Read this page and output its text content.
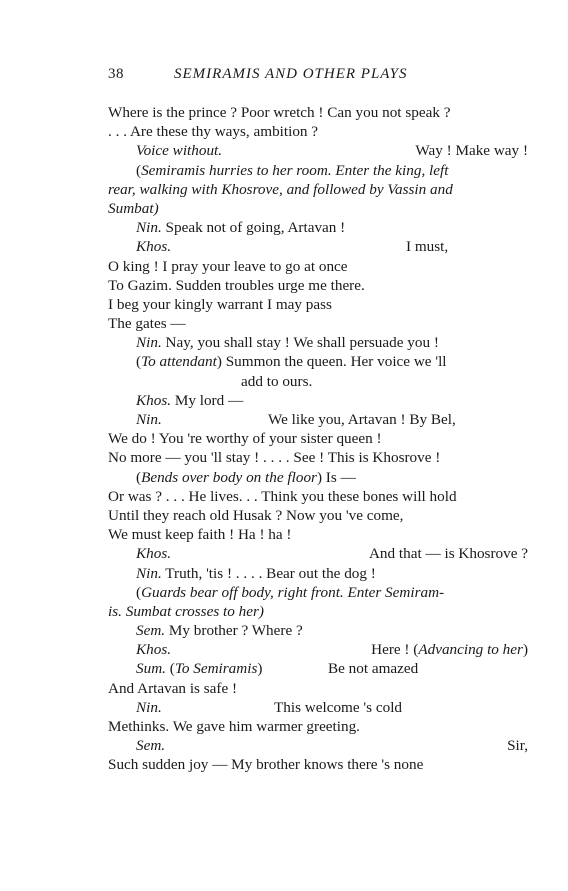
38	SEMIRAMIS AND OTHER PLAYS
Where is the prince ? Poor wretch ! Can you not speak ?
. . . Are these thy ways, ambition ?
Voice without.	Way ! Make way !
(Semiramis hurries to her room. Enter the king, left
rear, walking with Khosrove, and followed by Vassin and
Sumbat)
Nin. Speak not of going, Artavan !
Khos.	I must,
O king ! I pray your leave to go at once
To Gazim. Sudden troubles urge me there.
I beg your kingly warrant I may pass
The gates —
Nin. Nay, you shall stay ! We shall persuade you !
(To attendant) Summon the queen. Her voice we 'll
add to ours.
Khos. My lord —
Nin.	We like you, Artavan ! By Bel,
We do ! You 're worthy of your sister queen !
No more — you 'll stay ! . . . . See ! This is Khosrove !
(Bends over body on the floor) Is —
Or was ? . . . He lives. . . Think you these bones will hold
Until they reach old Husak ? Now you 've come,
We must keep faith ! Ha ! ha !
Khos.	And that — is Khosrove ?
Nin. Truth, 'tis ! . . . . Bear out the dog !
(Guards bear off body, right front. Enter Semiram-
is. Sumbat crosses to her)
Sem. My brother ? Where ?
Khos.	Here ! (Advancing to her)
Sum. (To Semiramis)	Be not amazed
And Artavan is safe !
Nin.	This welcome 's cold
Methinks. We gave him warmer greeting.
Sem.	Sir,
Such sudden joy — My brother knows there 's none
